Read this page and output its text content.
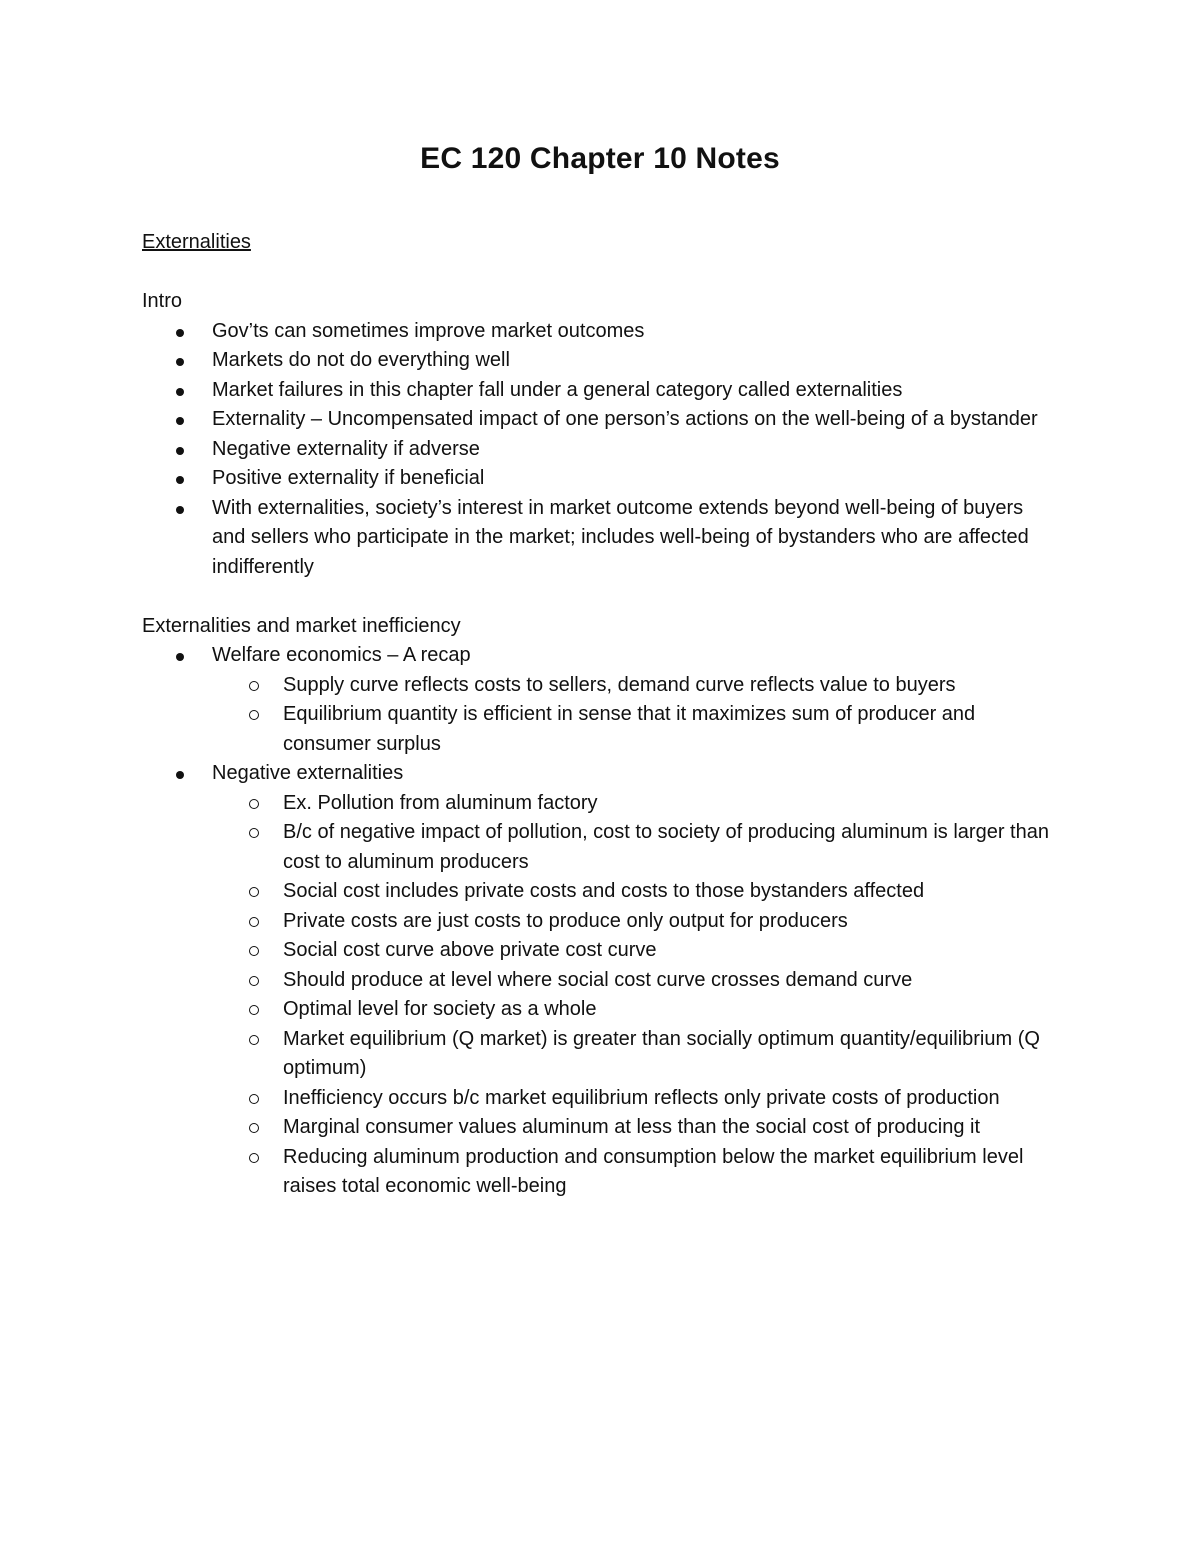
EC 120 Chapter 10 Notes
Externalities
Intro
Gov’ts can sometimes improve market outcomes
Markets do not do everything well
Market failures in this chapter fall under a general category called externalities
Externality – Uncompensated impact of one person’s actions on the well-being of a bystander
Negative externality if adverse
Positive externality if beneficial
With externalities, society’s interest in market outcome extends beyond well-being of buyers and sellers who participate in the market; includes well-being of bystanders who are affected indifferently
Externalities and market inefficiency
Welfare economics – A recap
Supply curve reflects costs to sellers, demand curve reflects value to buyers
Equilibrium quantity is efficient in sense that it maximizes sum of producer and consumer surplus
Negative externalities
Ex. Pollution from aluminum factory
B/c of negative impact of pollution, cost to society of producing aluminum is larger than cost to aluminum producers
Social cost includes private costs and costs to those bystanders affected
Private costs are just costs to produce only output for producers
Social cost curve above private cost curve
Should produce at level where social cost curve crosses demand curve
Optimal level for society as a whole
Market equilibrium (Q market) is greater than socially optimum quantity/equilibrium (Q optimum)
Inefficiency occurs b/c market equilibrium reflects only private costs of production
Marginal consumer values aluminum at less than the social cost of producing it
Reducing aluminum production and consumption below the market equilibrium level raises total economic well-being
